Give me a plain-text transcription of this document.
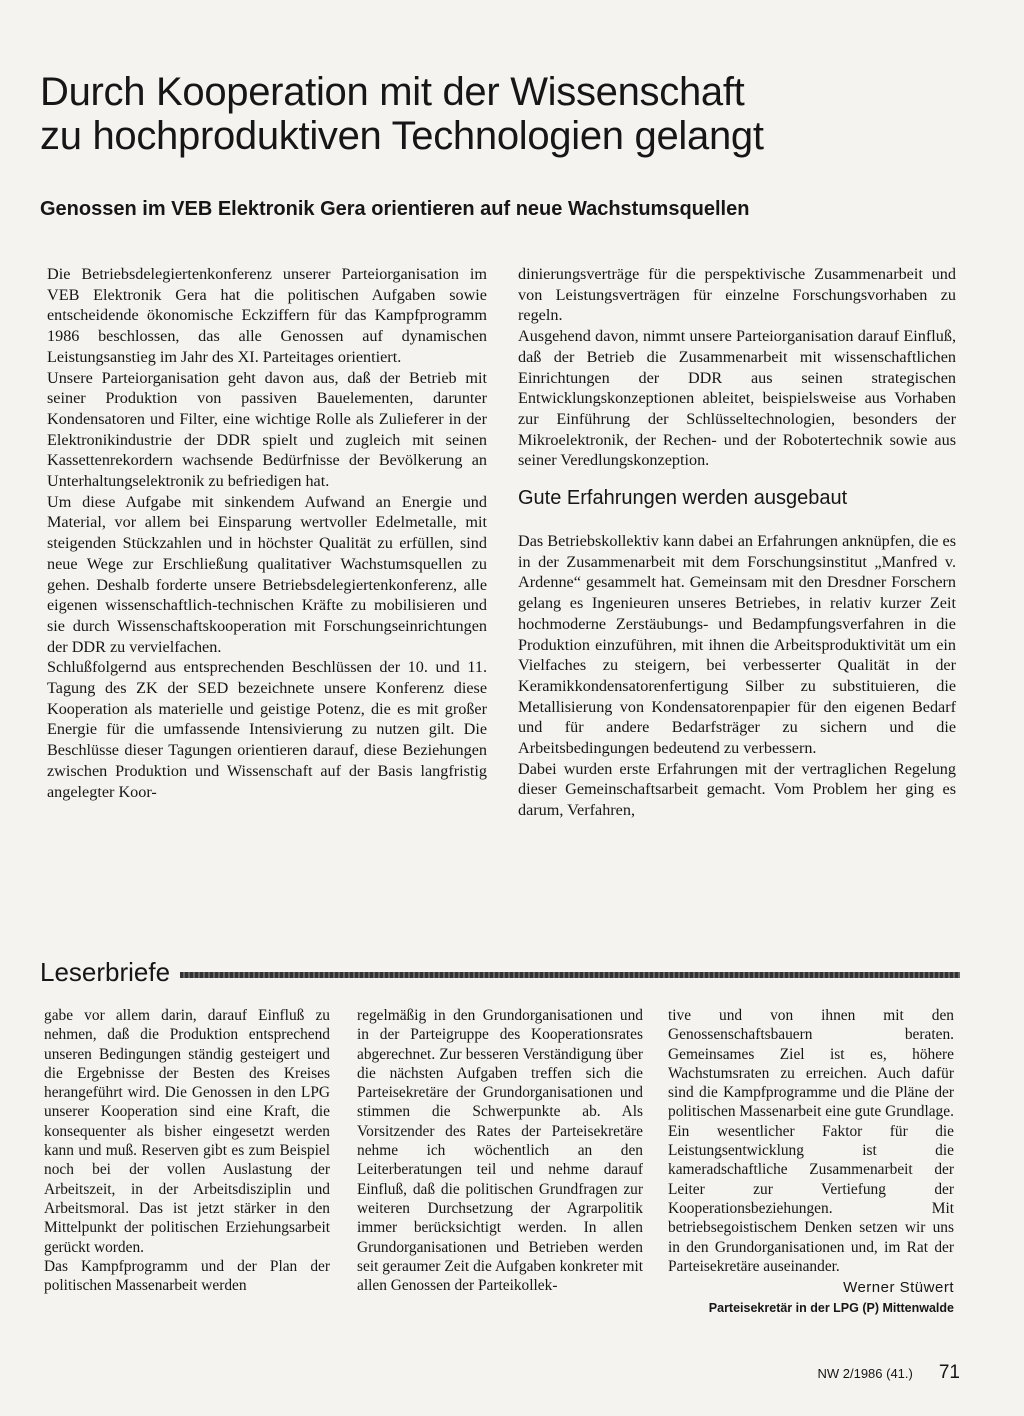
Durch Kooperation mit der Wissenschaft
zu hochproduktiven Technologien gelangt
Genossen im VEB Elektronik Gera orientieren auf neue Wachstumsquellen

Die Betriebsdelegiertenkonferenz unserer Parteiorganisation im VEB Elektronik Gera hat die politischen Aufgaben sowie entscheidende ökonomische Eckziffern für das Kampfprogramm 1986 beschlossen, das alle Genossen auf dynamischen Leistungsanstieg im Jahr des XI. Parteitages orientiert.

Unsere Parteiorganisation geht davon aus, daß der Betrieb mit seiner Produktion von passiven Bauelementen, darunter Kondensatoren und Filter, eine wichtige Rolle als Zulieferer in der Elektronikindustrie der DDR spielt und zugleich mit seinen Kassettenrekordern wachsende Bedürfnisse der Bevölkerung an Unterhaltungselektronik zu befriedigen hat.

Um diese Aufgabe mit sinkendem Aufwand an Energie und Material, vor allem bei Einsparung wertvoller Edelmetalle, mit steigenden Stückzahlen und in höchster Qualität zu erfüllen, sind neue Wege zur Erschließung qualitativer Wachstumsquellen zu gehen. Deshalb forderte unsere Betriebsdelegiertenkonferenz, alle eigenen wissenschaftlich-technischen Kräfte zu mobilisieren und sie durch Wissenschaftskooperation mit Forschungseinrichtungen der DDR zu vervielfachen.

Schlußfolgernd aus entsprechenden Beschlüssen der 10. und 11. Tagung des ZK der SED bezeichnete unsere Konferenz diese Kooperation als materielle und geistige Potenz, die es mit großer Energie für die umfassende Intensivierung zu nutzen gilt. Die Beschlüsse dieser Tagungen orientieren darauf, diese Beziehungen zwischen Produktion und Wissenschaft auf der Basis langfristig angelegter Koor-

dinierungsverträge für die perspektivische Zusammenarbeit und von Leistungsverträgen für einzelne Forschungsvorhaben zu regeln.

Ausgehend davon, nimmt unsere Parteiorganisation darauf Einfluß, daß der Betrieb die Zusammenarbeit mit wissenschaftlichen Einrichtungen der DDR aus seinen strategischen Entwicklungskonzeptionen ableitet, beispielsweise aus Vorhaben zur Einführung der Schlüsseltechnologien, besonders der Mikroelektronik, der Rechen- und der Robotertechnik sowie aus seiner Veredlungskonzeption.

Gute Erfahrungen werden ausgebaut

Das Betriebskollektiv kann dabei an Erfahrungen anknüpfen, die es in der Zusammenarbeit mit dem Forschungsinstitut „Manfred v. Ardenne“ gesammelt hat. Gemeinsam mit den Dresdner Forschern gelang es Ingenieuren unseres Betriebes, in relativ kurzer Zeit hochmoderne Zerstäubungs- und Bedampfungsverfahren in die Produktion einzuführen, mit ihnen die Arbeitsproduktivität um ein Vielfaches zu steigern, bei verbesserter Qualität in der Keramikkondensatorenfertigung Silber zu substituieren, die Metallisierung von Kondensatorenpapier für den eigenen Bedarf und für andere Bedarfsträger zu sichern und die Arbeitsbedingungen bedeutend zu verbessern.

Dabei wurden erste Erfahrungen mit der vertraglichen Regelung dieser Gemeinschaftsarbeit gemacht. Vom Problem her ging es darum, Verfahren,

Leserbriefe

gabe vor allem darin, darauf Einfluß zu nehmen, daß die Produktion entsprechend unseren Bedingungen ständig gesteigert und die Ergebnisse der Besten des Kreises herangeführt wird. Die Genossen in den LPG unserer Kooperation sind eine Kraft, die konsequenter als bisher eingesetzt werden kann und muß. Reserven gibt es zum Beispiel noch bei der vollen Auslastung der Arbeitszeit, in der Arbeitsdisziplin und Arbeitsmoral. Das ist jetzt stärker in den Mittelpunkt der politischen Erziehungsarbeit gerückt worden.

Das Kampfprogramm und der Plan der politischen Massenarbeit werden

regelmäßig in den Grundorganisationen und in der Parteigruppe des Kooperationsrates abgerechnet. Zur besseren Verständigung über die nächsten Aufgaben treffen sich die Parteisekretäre der Grundorganisationen und stimmen die Schwerpunkte ab. Als Vorsitzender des Rates der Parteisekretäre nehme ich wöchentlich an den Leiterberatungen teil und nehme darauf Einfluß, daß die politischen Grundfragen zur weiteren Durchsetzung der Agrarpolitik immer berücksichtigt werden. In allen Grundorganisationen und Betrieben werden seit geraumer Zeit die Aufgaben konkreter mit allen Genossen der Parteikollek-

tive und von ihnen mit den Genossenschaftsbauern beraten. Gemeinsames Ziel ist es, höhere Wachstumsraten zu erreichen. Auch dafür sind die Kampfprogramme und die Pläne der politischen Massenarbeit eine gute Grundlage.

Ein wesentlicher Faktor für die Leistungsentwicklung ist die kameradschaftliche Zusammenarbeit der Leiter zur Vertiefung der Kooperationsbeziehungen. Mit betriebsegoistischem Denken setzen wir uns in den Grundorganisationen und, im Rat der Parteisekretäre auseinander.

Werner Stüwert

Parteisekretär in der LPG (P) Mittenwalde

NW 2/1986 (41.) 71
